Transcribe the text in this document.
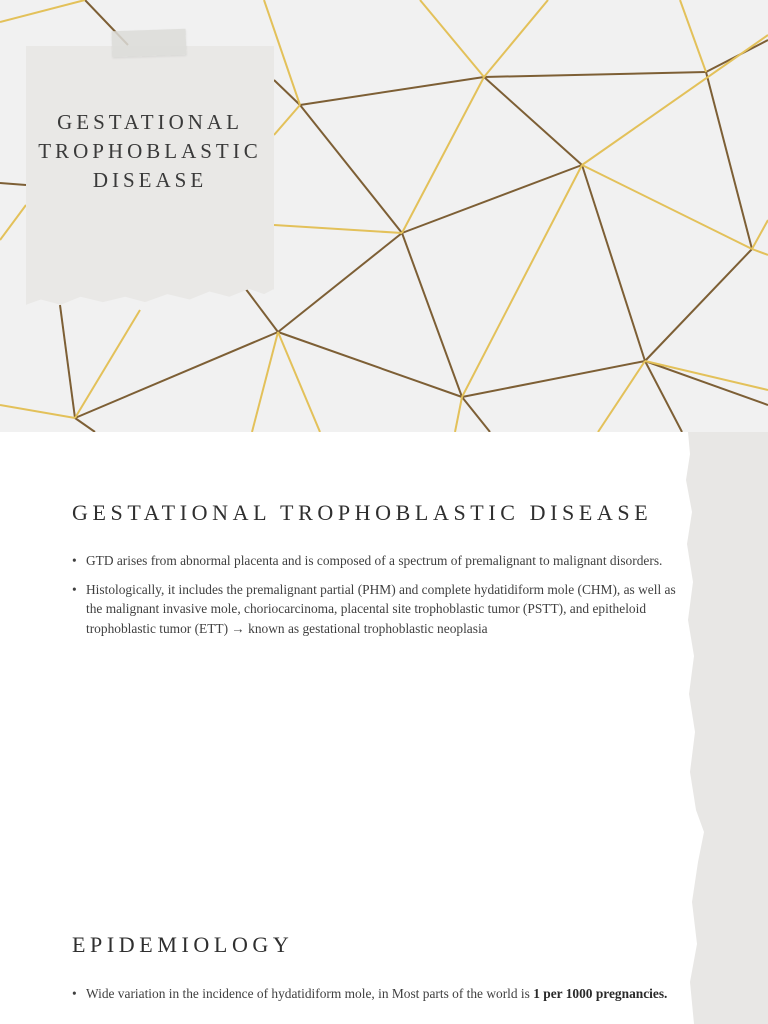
GESTATIONAL
TROPHOBLASTIC
DISEASE
GESTATIONAL TROPHOBLASTIC DISEASE
• GTD arises from abnormal placenta and is composed of a spectrum of premalignant to malignant disorders.
• Histologically, it includes the premalignant partial (PHM) and complete hydatidiform mole (CHM), as well as the malignant invasive mole, choriocarcinoma, placental site trophoblastic tumor (PSTT), and epitheloid trophoblastic tumor (ETT) → known as gestational trophoblastic neoplasia
EPIDEMIOLOGY
• Wide variation in the incidence of hydatidiform mole, in Most parts of the world is 1 per 1000 pregnancies.
